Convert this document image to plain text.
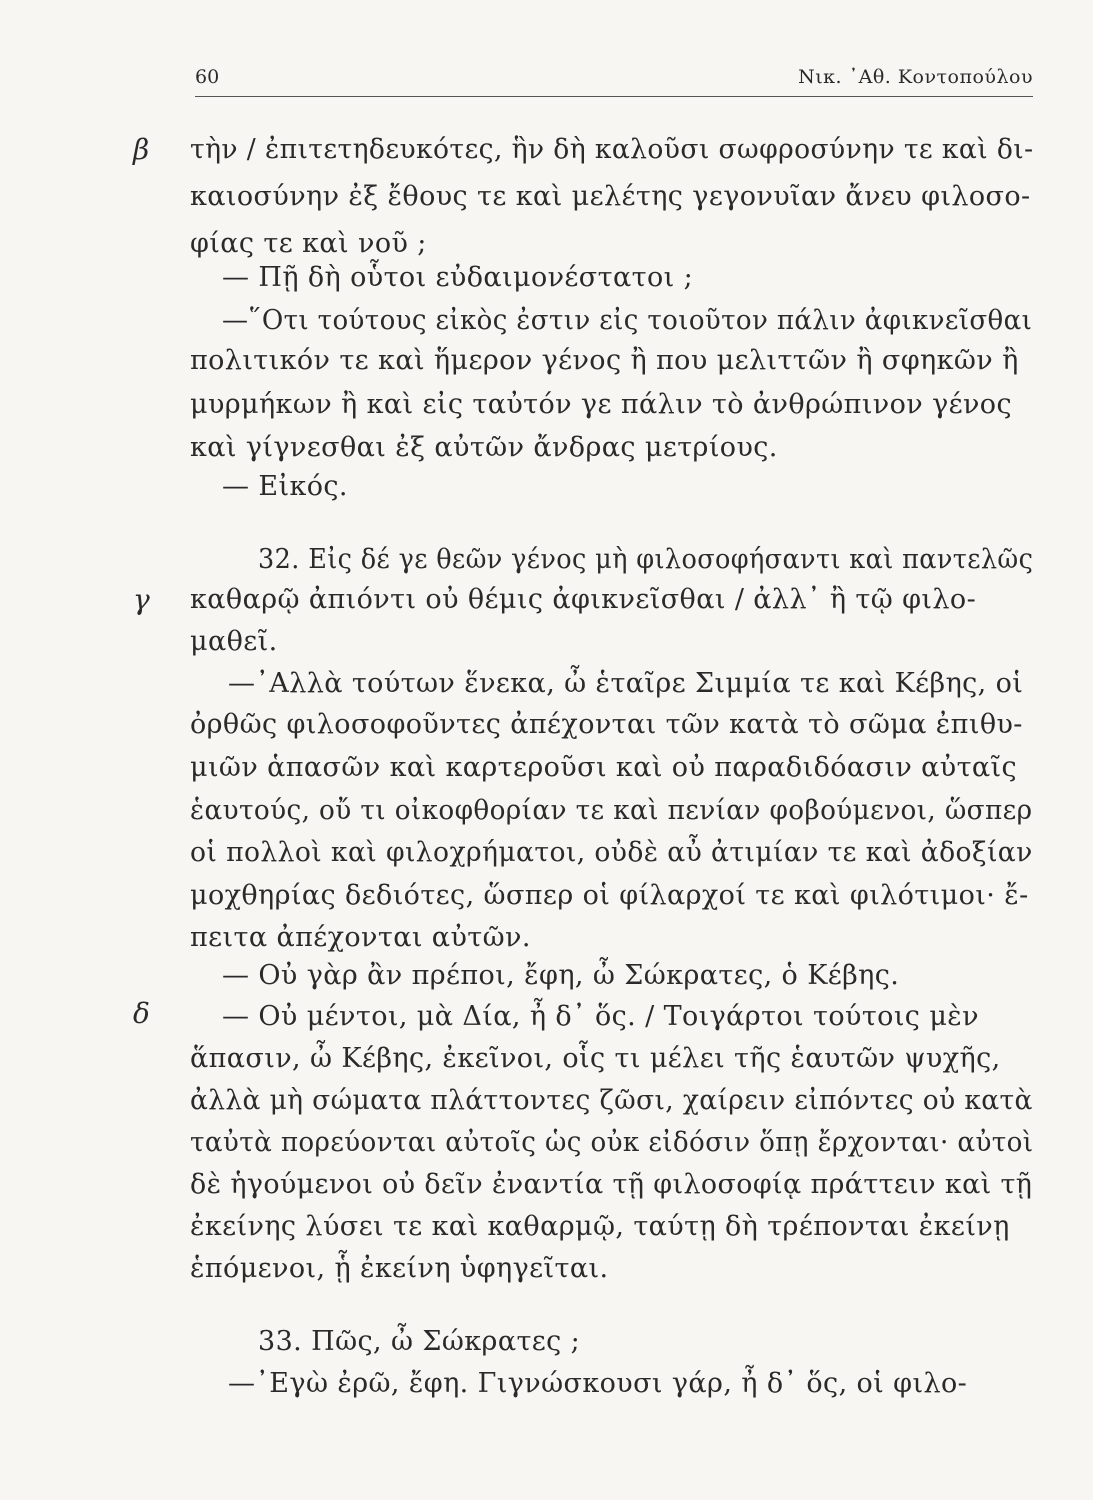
60	Νικ. ᾿Αθ. Κοντοπούλου
β
γ
δ
τὴν / ἐπιτετηδευκότες, ἣν δὴ καλοῦσι σωφροσύνην τε καὶ δι-
καιοσύνην ἐξ ἔθους τε καὶ μελέτης γεγονυῖαν ἄνευ φιλοσο-
φίας τε καὶ νοῦ ;
— Πῇ δὴ οὗτοι εὐδαιμονέστατοι ;
—῞Οτι τούτους εἰκὸς ἐστιν εἰς τοιοῦτον πάλιν ἀφικνεῖσθαι
πολιτικόν τε καὶ ἥμερον γένος ἢ που μελιττῶν ἢ σφηκῶν ἢ
μυρμήκων ἢ καὶ εἰς ταὐτόν γε πάλιν τὸ ἀνθρώπινον γένος
καὶ γίγνεσθαι ἐξ αὐτῶν ἄνδρας μετρίους.
— Εἰκός.
32. Εἰς δέ γε θεῶν γένος μὴ φιλοσοφήσαντι καὶ παντελῶς
καθαρῷ ἀπιόντι οὐ θέμις ἀφικνεῖσθαι / ἀλλ᾽ ἢ τῷ φιλο-
μαθεῖ.
—᾽Αλλὰ τούτων ἕνεκα, ὦ ἑταῖρε Σιμμία τε καὶ Κέβης, οἱ
ὀρθῶς φιλοσοφοῦντες ἀπέχονται τῶν κατὰ τὸ σῶμα ἐπιθυ-
μιῶν ἁπασῶν καὶ καρτεροῦσι καὶ οὐ παραδιδόασιν αὐταῖς
ἑαυτούς, οὔ τι οἰκοφθορίαν τε καὶ πενίαν φοβούμενοι, ὥσπερ
οἱ πολλοὶ καὶ φιλοχρήματοι, οὐδὲ αὖ ἀτιμίαν τε καὶ ἀδοξίαν
μοχθηρίας δεδιότες, ὥσπερ οἱ φίλαρχοί τε καὶ φιλότιμοι· ἔ-
πειτα ἀπέχονται αὐτῶν.
— Οὐ γὰρ ἂν πρέποι, ἔφη, ὦ Σώκρατες, ὁ Κέβης.
— Οὐ μέντοι, μὰ Δία, ἦ δ᾽ ὅς. / Τοιγάρτοι τούτοις μὲν
ἅπασιν, ὦ Κέβης, ἐκεῖνοι, οἷς τι μέλει τῆς ἑαυτῶν ψυχῆς,
ἀλλὰ μὴ σώματα πλάττοντες ζῶσι, χαίρειν εἰπόντες οὐ κατὰ
ταὐτὰ πορεύονται αὐτοῖς ὡς οὐκ εἰδόσιν ὅπῃ ἔρχονται· αὐτοὶ
δὲ ἡγούμενοι οὐ δεῖν ἐναντία τῇ φιλοσοφίᾳ πράττειν καὶ τῇ
ἐκείνης λύσει τε καὶ καθαρμῷ, ταύτῃ δὴ τρέπονται ἐκείνῃ
ἑπόμενοι, ᾗ ἐκείνη ὑφηγεῖται.
33. Πῶς, ὦ Σώκρατες ;
—᾽Εγὼ ἐρῶ, ἔφη. Γιγνώσκουσι γάρ, ἦ δ᾽ ὅς, οἱ φιλο-
